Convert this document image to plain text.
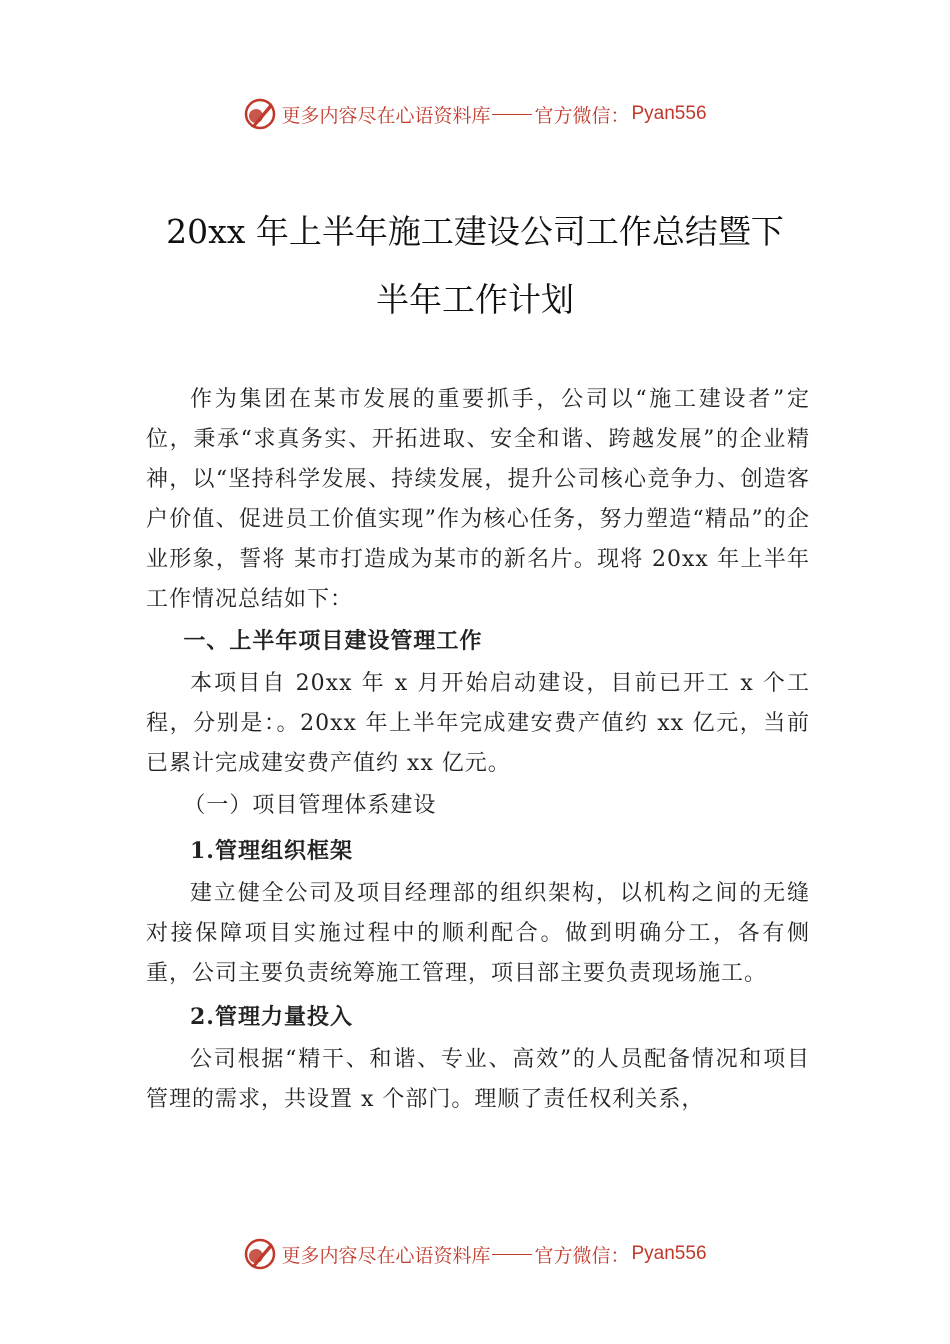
更多内容尽在心语资料库 官方微信： Pyan556
20xx 年上半年施工建设公司工作总结暨下
半年工作计划

作为集团在某市发展的重要抓手，公司以“施工建设者”定位，秉承“求真务实、开拓进取、安全和谐、跨越发展”的企业精神，以“坚持科学发展、持续发展，提升公司核心竞争力、创造客户价值、促进员工价值实现”作为核心任务，努力塑造“精品”的企业形象，誓将 某市打造成为某市的新名片。现将 20xx 年上半年工作情况总结如下：

一、上半年项目建设管理工作

本项目自 20xx 年 x 月开始启动建设，目前已开工 x 个工程，分别是：。20xx 年上半年完成建安费产值约 xx 亿元，当前已累计完成建安费产值约 xx 亿元。

（一）项目管理体系建设
1.管理组织框架

建立健全公司及项目经理部的组织架构，以机构之间的无缝对接保障项目实施过程中的顺利配合。做到明确分工，各有侧重，公司主要负责统筹施工管理，项目部主要负责现场施工。

2.管理力量投入

公司根据“精干、和谐、专业、高效”的人员配备情况和项目管理的需求，共设置 x 个部门。理顺了责任权利关系，

更多内容尽在心语资料库 官方微信： Pyan556
